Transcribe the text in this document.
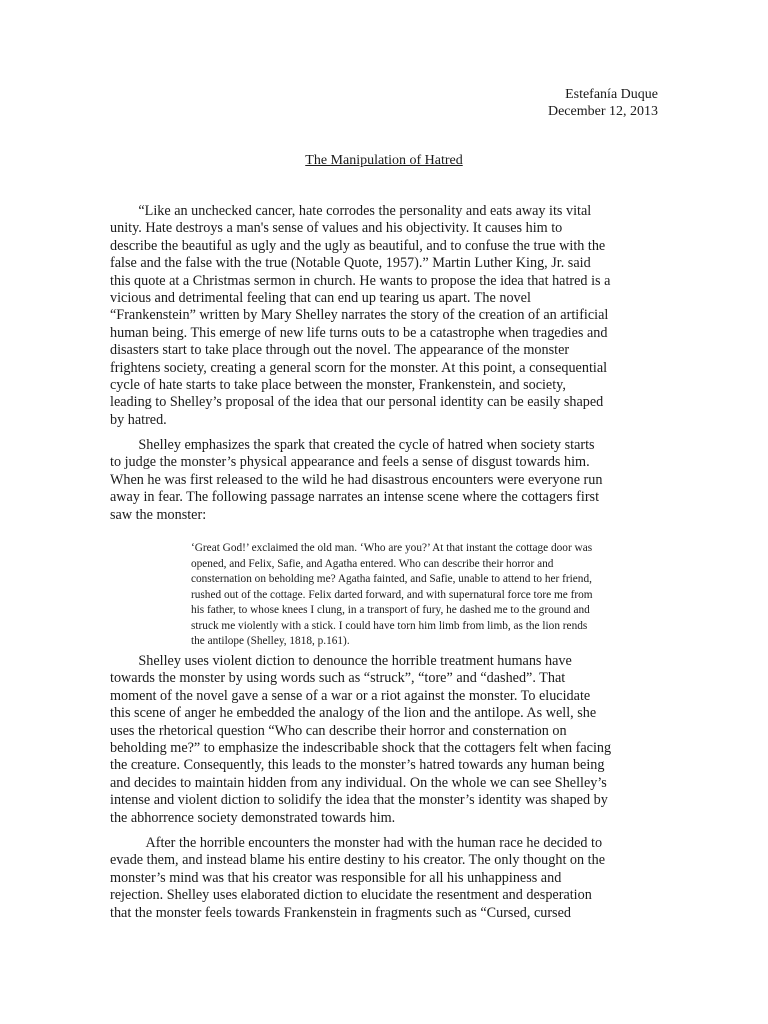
Estefanía Duque
December 12, 2013
The Manipulation of Hatred
“Like an unchecked cancer, hate corrodes the personality and eats away its vital
unity. Hate destroys a man's sense of values and his objectivity. It causes him to
describe the beautiful as ugly and the ugly as beautiful, and to confuse the true with the
false and the false with the true (Notable Quote, 1957).” Martin Luther King, Jr. said
this quote at a Christmas sermon in church. He wants to propose the idea that hatred is a
vicious and detrimental feeling that can end up tearing us apart. The novel
“Frankenstein” written by Mary Shelley narrates the story of the creation of an artificial
human being. This emerge of new life turns outs to be a catastrophe when tragedies and
disasters start to take place through out the novel. The appearance of the monster
frightens society, creating a general scorn for the monster. At this point, a consequential
cycle of hate starts to take place between the monster, Frankenstein, and society,
leading to Shelley’s proposal of the idea that our personal identity can be easily shaped
by hatred.
Shelley emphasizes the spark that created the cycle of hatred when society starts
to judge the monster’s physical appearance and feels a sense of disgust towards him.
When he was first released to the wild he had disastrous encounters were everyone run
away in fear. The following passage narrates an intense scene where the cottagers first
saw the monster:
‘Great God!’ exclaimed the old man. ‘Who are you?’ At that instant the cottage door was
opened, and Felix, Safie, and Agatha entered. Who can describe their horror and
consternation on beholding me? Agatha fainted, and Safie, unable to attend to her friend,
rushed out of the cottage. Felix darted forward, and with supernatural force tore me from
his father, to whose knees I clung, in a transport of fury, he dashed me to the ground and
struck me violently with a stick. I could have torn him limb from limb, as the lion rends
the antilope (Shelley, 1818, p.161).
Shelley uses violent diction to denounce the horrible treatment humans have
towards the monster by using words such as “struck”, “tore” and “dashed”. That
moment of the novel gave a sense of a war or a riot against the monster. To elucidate
this scene of anger he embedded the analogy of the lion and the antilope. As well, she
uses the rhetorical question “Who can describe their horror and consternation on
beholding me?” to emphasize the indescribable shock that the cottagers felt when facing
the creature. Consequently, this leads to the monster’s hatred towards any human being
and decides to maintain hidden from any individual. On the whole we can see Shelley’s
intense and violent diction to solidify the idea that the monster’s identity was shaped by
the abhorrence society demonstrated towards him.
After the horrible encounters the monster had with the human race he decided to
evade them, and instead blame his entire destiny to his creator. The only thought on the
monster’s mind was that his creator was responsible for all his unhappiness and
rejection. Shelley uses elaborated diction to elucidate the resentment and desperation
that the monster feels towards Frankenstein in fragments such as “Cursed, cursed
